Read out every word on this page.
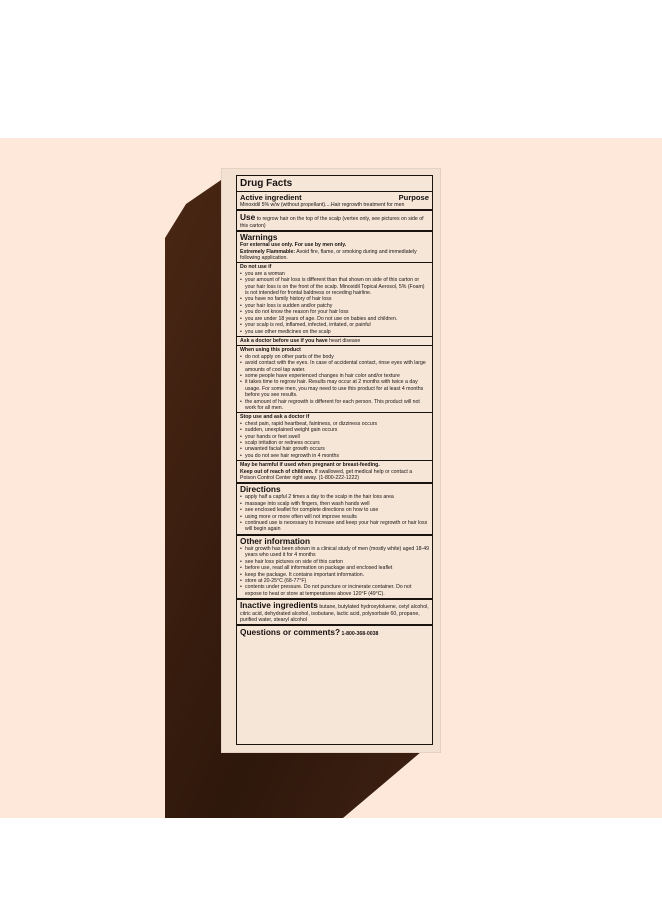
Drug Facts
Active ingredient	Purpose
Minoxidil 5% w/w (without propellant)....Hair regrowth treatment for men
Use to regrow hair on the top of the scalp (vertex only, see pictures on side of this carton)
Warnings
For external use only. For use by men only.
Extremely Flammable: Avoid fire, flame, or smoking during and immediately following application.
Do not use if
• you are a woman
• your amount of hair loss is different than that shown on side of this carton or your hair loss is on the front of the scalp. Minoxidil Topical Aerosol, 5% (Foam) is not intended for frontal baldness or receding hairline.
• you have no family history of hair loss
• your hair loss is sudden and/or patchy
• you do not know the reason for your hair loss
• you are under 18 years of age. Do not use on babies and children.
• your scalp is red, inflamed, infected, irritated, or painful
• you use other medicines on the scalp
Ask a doctor before use if you have heart disease
When using this product
• do not apply on other parts of the body
• avoid contact with the eyes. In case of accidental contact, rinse eyes with large amounts of cool tap water.
• some people have experienced changes in hair color and/or texture
• it takes time to regrow hair. Results may occur at 2 months with twice a day usage. For some men, you may need to use this product for at least 4 months before you see results.
• the amount of hair regrowth is different for each person. This product will not work for all men.
Stop use and ask a doctor if
• chest pain, rapid heartbeat, faintness, or dizziness occurs
• sudden, unexplained weight gain occurs
• your hands or feet swell
• scalp irritation or redness occurs
• unwanted facial hair growth occurs
• you do not see hair regrowth in 4 months
May be harmful if used when pregnant or breast-feeding.
Keep out of reach of children. If swallowed, get medical help or contact a Poison Control Center right away. (1-800-222-1222)
Directions
• apply half a capful 2 times a day to the scalp in the hair loss area
• massage into scalp with fingers, then wash hands well
• see enclosed leaflet for complete directions on how to use
• using more or more often will not improve results
• continued use is necessary to increase and keep your hair regrowth or hair loss will begin again
Other information
• hair growth has been shown in a clinical study of men (mostly white) aged 18-49 years who used it for 4 months
• see hair loss pictures on side of this carton
• before use, read all information on package and enclosed leaflet
• keep the package. It contains important information.
• store at 20-25°C (68-77°F)
• contents under pressure. Do not puncture or incinerate container. Do not expose to heat or store at temperatures above 120°F (49°C).
Inactive ingredients butane, butylated hydroxytoluene, cetyl alcohol, citric acid, dehydrated alcohol, isobutane, lactic acid, polysorbate 60, propane, purified water, stearyl alcohol
Questions or comments? 1-800-368-0038
